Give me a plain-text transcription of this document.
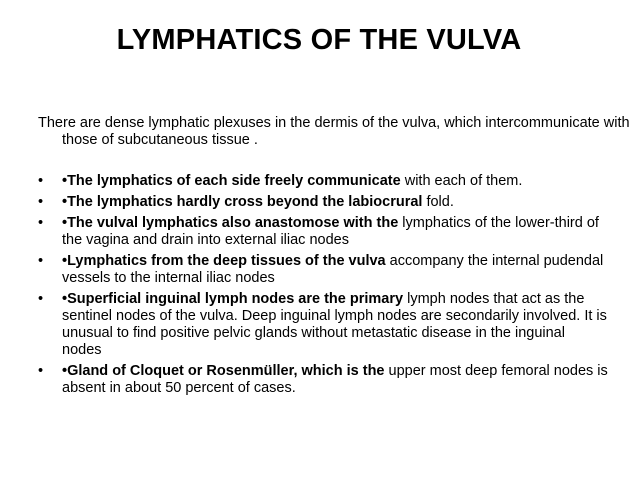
LYMPHATICS OF THE VULVA
There are dense lymphatic plexuses in the dermis of the vulva, which intercommunicate with those of subcutaneous tissue .
•	•The lymphatics of each side freely communicate with each of them.
•	•The lymphatics hardly cross beyond the labiocrural fold.
•	•The vulval lymphatics also anastomose with the lymphatics of the lower-third of the vagina and drain into external iliac nodes
•	•Lymphatics from the deep tissues of the vulva accompany the internal pudendal vessels to the internal iliac nodes
•	•Superficial inguinal lymph nodes are the primary lymph nodes that act as the sentinel nodes of the vulva. Deep inguinal lymph nodes are secondarily involved. It is unusual to find positive pelvic glands without metastatic disease in the inguinal nodes
•	•Gland of Cloquet or Rosenmüller, which is the upper most deep femoral nodes is absent in about 50 percent of cases.
